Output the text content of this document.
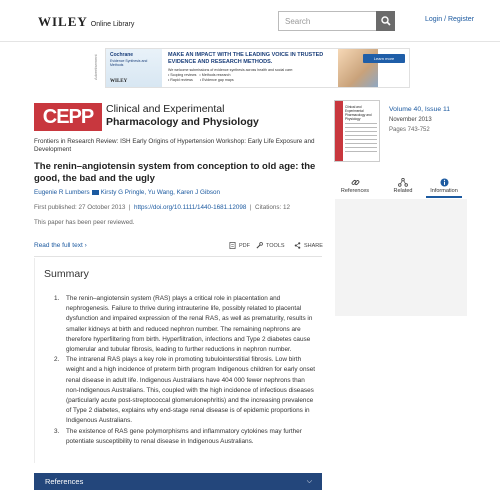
WILEY Online Library	Search	Login / Register
Advertisement	Cochrane
Evidence Synthesis and Methods
WILEY
MAKE AN IMPACT WITH THE LEADING VOICE IN TRUSTED EVIDENCE AND RESEARCH METHODS.
We welcome submissions of evidence synthesis across health and social care:
• Scoping reviews   • Methods research
• Rapid reviews       • Evidence gap maps
Learn more
CEPP	Clinical and Experimental
Pharmacology and Physiology
Frontiers in Research Review: ISH Early Origins of Hypertension Workshop: Early Life Exposure and Development
The renin–angiotensin system from conception to old age: the good, the bad and the ugly
Eugenie R Lumbers Kirsty G Pringle, Yu Wang, Karen J Gibson
First published: 27 October 2013  |  https://doi.org/10.1111/1440-1681.12098  |  Citations: 12
This paper has been peer reviewed.
Read the full text ›	PDF	TOOLS	SHARE
Summary
1. The renin–angiotensin system (RAS) plays a critical role in placentation and nephrogenesis. Failure to thrive during intrauterine life, possibly related to placental dysfunction and impaired expression of the renal RAS, as well as prematurity, results in smaller kidneys at birth and reduced nephron number. The remaining nephrons are therefore hyperfiltering from birth. Hyperfiltration, infections and Type 2 diabetes cause glomerular and tubular fibrosis, leading to further reductions in nephron number.
2. The intrarenal RAS plays a key role in promoting tubulointerstitial fibrosis. Low birth weight and a high incidence of preterm birth program Indigenous children for early onset renal disease in adult life. Indigenous Australians have 404 000 fewer nephrons than non-Indigenous Australians. This, coupled with the high incidence of infectious diseases (particularly acute post-streptococcal glomerulonephritis) and the increasing prevalence of Type 2 diabetes, explains why end-stage renal disease is of epidemic proportions in Indigenous Australians.
3. The existence of RAS gene polymorphisms and inflammatory cytokines may further potentiate susceptibility to renal disease in Indigenous Australians.
References	⌵
Clinical and Experimental Pharmacology and Physiology
Volume 40, Issue 11
November 2013
Pages 743-752
References	Related	Information
